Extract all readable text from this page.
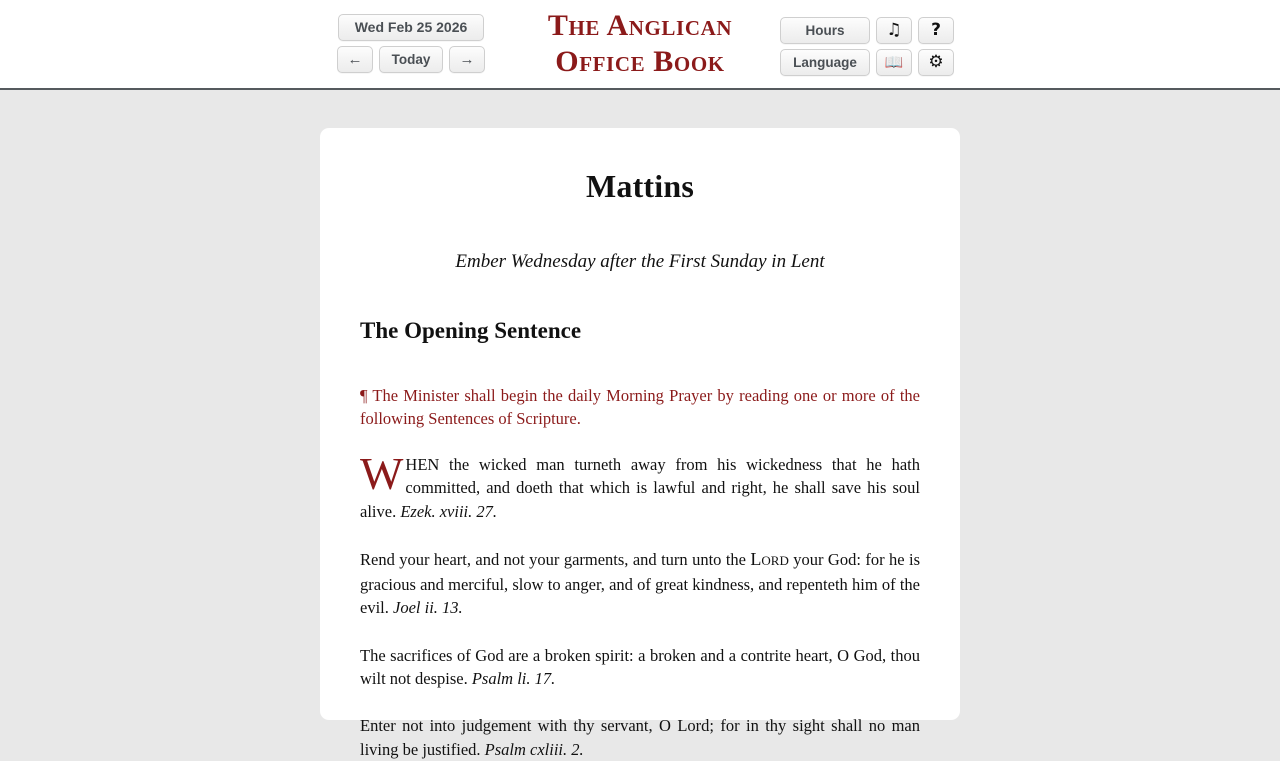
Wed Feb 25 2026
←	Today	→
The Anglican
Office Book
Hours	♫	?
Language	📖	⚙
Mattins
Ember Wednesday after the First Sunday in Lent
The Opening Sentence

¶ The Minister shall begin the daily Morning Prayer by reading one or more of the following Sentences of Scripture.

WHEN the wicked man turneth away from his wickedness that he hath committed, and doeth that which is lawful and right, he shall save his soul alive. Ezek. xviii. 27.

Rend your heart, and not your garments, and turn unto the Lord your God: for he is gracious and merciful, slow to anger, and of great kindness, and repenteth him of the evil. Joel ii. 13.

The sacrifices of God are a broken spirit: a broken and a contrite heart, O God, thou wilt not despise. Psalm li. 17.

Enter not into judgement with thy servant, O Lord; for in thy sight shall no man living be justified. Psalm cxliii. 2.
